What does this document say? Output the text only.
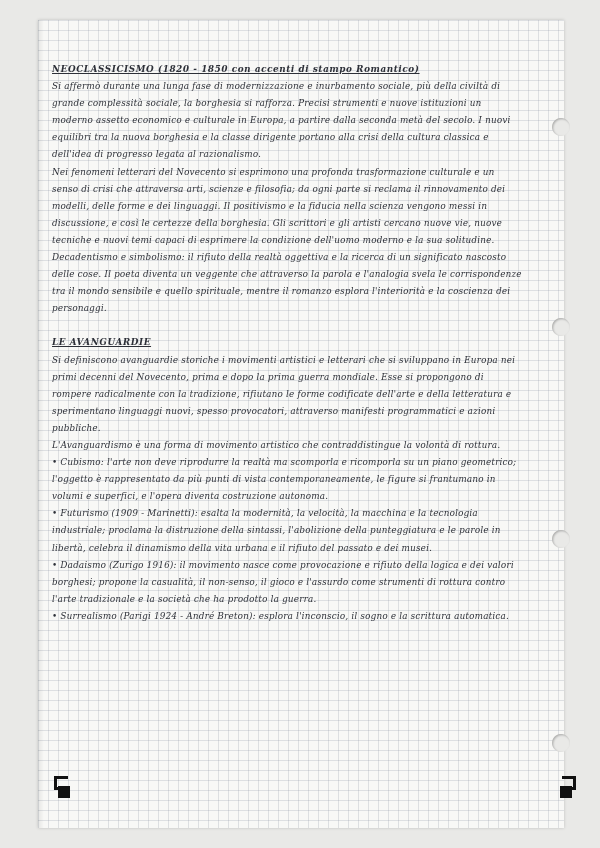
NEOCLASSICISMO (1820 - 1850 con accenti di stampo Romantico)

Si affermò durante una lunga fase di modernizzazione e inurbamento sociale, più della civiltà di grande complessità sociale, la borghesia si rafforza. Precisi strumenti e nuove istituzioni un moderno assetto economico e culturale in Europa, a partire dalla seconda metà del secolo. I nuovi equilibri tra la nuova borghesia e la classe dirigente portano alla crisi della cultura classica e dell'idea di progresso legata al razionalismo.

Nei fenomeni letterari del Novecento si esprimono una profonda trasformazione culturale e un senso di crisi che attraversa arti, scienze e filosofia; da ogni parte si reclama il rinnovamento dei modelli, delle forme e dei linguaggi. Il positivismo e la fiducia nella scienza vengono messi in discussione, e così le certezze della borghesia. Gli scrittori e gli artisti cercano nuove vie, nuove tecniche e nuovi temi capaci di esprimere la condizione dell'uomo moderno e la sua solitudine.

Decadentismo e simbolismo: il rifiuto della realtà oggettiva e la ricerca di un significato nascosto delle cose. Il poeta diventa un veggente che attraverso la parola e l'analogia svela le corrispondenze tra il mondo sensibile e quello spirituale, mentre il romanzo esplora l'interiorità e la coscienza dei personaggi.

LE AVANGUARDIE

Si definiscono avanguardie storiche i movimenti artistici e letterari che si sviluppano in Europa nei primi decenni del Novecento, prima e dopo la prima guerra mondiale. Esse si propongono di rompere radicalmente con la tradizione, rifiutano le forme codificate dell'arte e della letteratura e sperimentano linguaggi nuovi, spesso provocatori, attraverso manifesti programmatici e azioni pubbliche.

L'Avanguardismo è una forma di movimento artistico che contraddistingue la volontà di rottura.

• Cubismo: l'arte non deve riprodurre la realtà ma scomporla e ricomporla su un piano geometrico; l'oggetto è rappresentato da più punti di vista contemporaneamente, le figure si frantumano in volumi e superfici, e l'opera diventa costruzione autonoma.

• Futurismo (1909 - Marinetti): esalta la modernità, la velocità, la macchina e la tecnologia industriale; proclama la distruzione della sintassi, l'abolizione della punteggiatura e le parole in libertà, celebra il dinamismo della vita urbana e il rifiuto del passato e dei musei.

• Dadaismo (Zurigo 1916): il movimento nasce come provocazione e rifiuto della logica e dei valori borghesi; propone la casualità, il non-senso, il gioco e l'assurdo come strumenti di rottura contro l'arte tradizionale e la società che ha prodotto la guerra.

• Surrealismo (Parigi 1924 - André Breton): esplora l'inconscio, il sogno e la scrittura automatica.
